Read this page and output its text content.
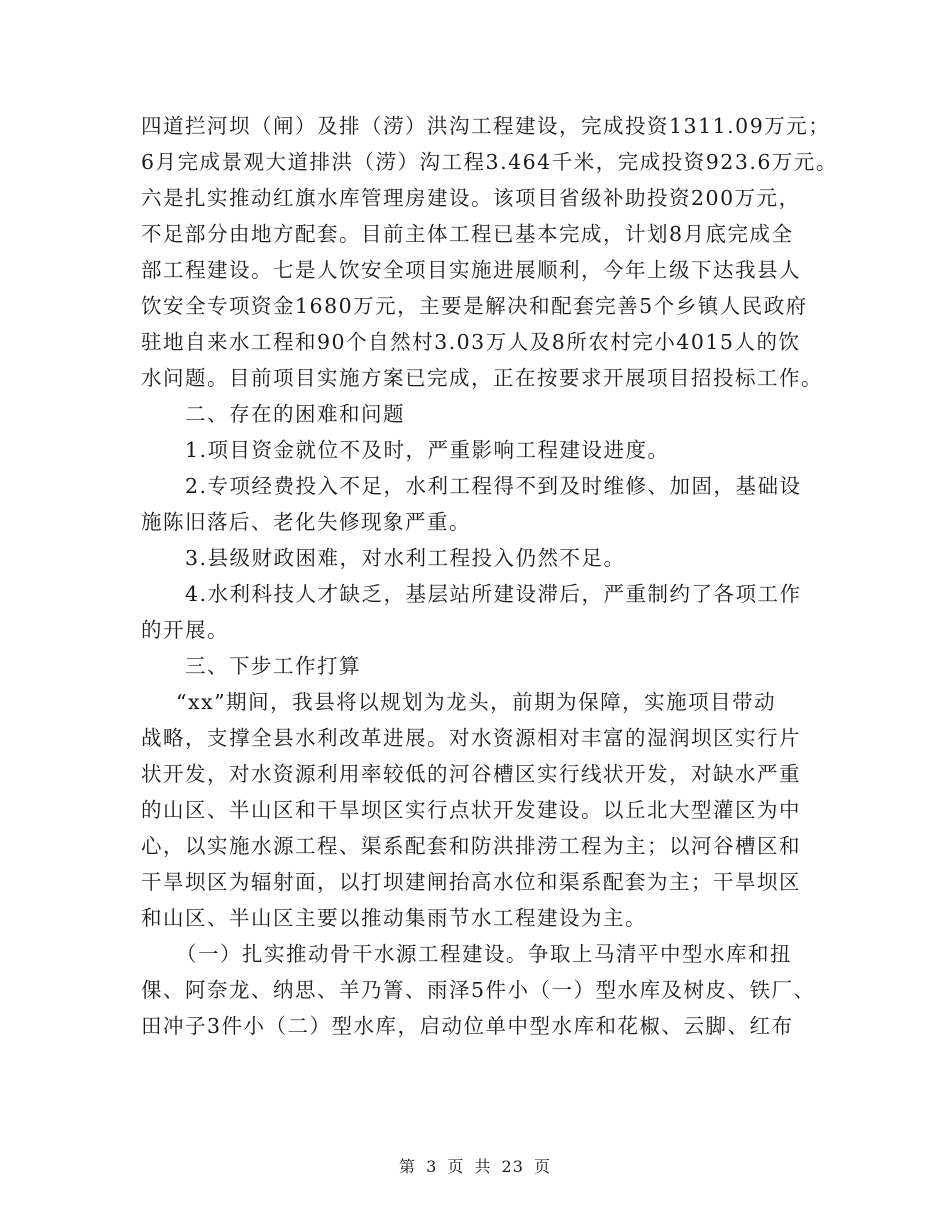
四道拦河坝（闸）及排（涝）洪沟工程建设，完成投资1311.09万元；
6月完成景观大道排洪（涝）沟工程3.464千米，完成投资923.6万元。
六是扎实推动红旗水库管理房建设。该项目省级补助投资200万元，
不足部分由地方配套。目前主体工程已基本完成，计划8月底完成全
部工程建设。七是人饮安全项目实施进展顺利，今年上级下达我县人
饮安全专项资金1680万元，主要是解决和配套完善5个乡镇人民政府
驻地自来水工程和90个自然村3.03万人及8所农村完小4015人的饮
水问题。目前项目实施方案已完成，正在按要求开展项目招投标工作。
二、存在的困难和问题
1.项目资金就位不及时，严重影响工程建设进度。
2.专项经费投入不足，水利工程得不到及时维修、加固，基础设
施陈旧落后、老化失修现象严重。
3.县级财政困难，对水利工程投入仍然不足。
4.水利科技人才缺乏，基层站所建设滞后，严重制约了各项工作
的开展。
三、下步工作打算
“xx”期间，我县将以规划为龙头，前期为保障，实施项目带动
战略，支撑全县水利改革进展。对水资源相对丰富的湿润坝区实行片
状开发，对水资源利用率较低的河谷槽区实行线状开发，对缺水严重
的山区、半山区和干旱坝区实行点状开发建设。以丘北大型灌区为中
心，以实施水源工程、渠系配套和防洪排涝工程为主；以河谷槽区和
干旱坝区为辐射面，以打坝建闸抬高水位和渠系配套为主；干旱坝区
和山区、半山区主要以推动集雨节水工程建设为主。
（一）扎实推动骨干水源工程建设。争取上马清平中型水库和扭
倮、阿奈龙、纳思、羊乃箐、雨泽5件小（一）型水库及树皮、铁厂、
田冲子3件小（二）型水库，启动位单中型水库和花椒、云脚、红布
第 3 页 共 23 页
